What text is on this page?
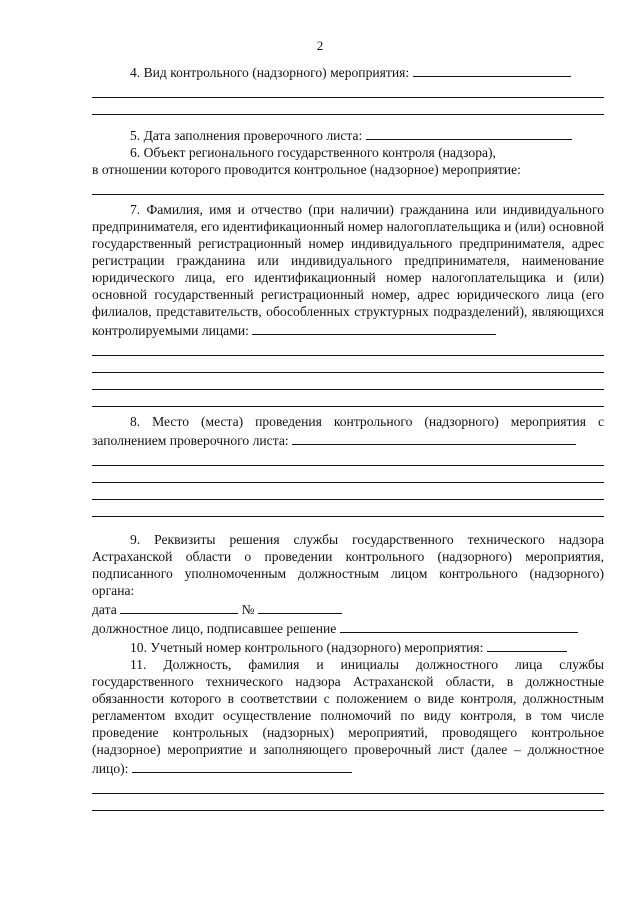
2

4. Вид контрольного (надзорного) мероприятия:

5. Дата заполнения проверочного листа:

6. Объект регионального государственного контроля (надзора),

в отношении которого проводится контрольное (надзорное) мероприятие:

7. Фамилия, имя и отчество (при наличии) гражданина или индивидуального предпринимателя, его идентификационный номер налогоплательщика и (или) основной государственный регистрационный номер индивидуального предпринимателя, адрес регистрации гражданина или индивидуального предпринимателя, наименование юридического лица, его идентификационный номер налогоплательщика и (или) основной государственный регистрационный номер, адрес юридического лица (его филиалов, представительств, обособленных структурных подразделений), являющихся контролируемыми лицами:

8. Место (места) проведения контрольного (надзорного) мероприятия с заполнением проверочного листа:

9. Реквизиты решения службы государственного технического надзора Астраханской области о проведении контрольного (надзорного) мероприятия, подписанного уполномоченным должностным лицом контрольного (надзорного) органа:

дата	№

должностное лицо, подписавшее решение

10. Учетный номер контрольного (надзорного) мероприятия:

11. Должность, фамилия и инициалы должностного лица службы государственного технического надзора Астраханской области, в должностные обязанности которого в соответствии с положением о виде контроля, должностным регламентом входит осуществление полномочий по виду контроля, в том числе проведение контрольных (надзорных) мероприятий, проводящего контрольное (надзорное) мероприятие и заполняющего проверочный лист (далее – должностное лицо):
